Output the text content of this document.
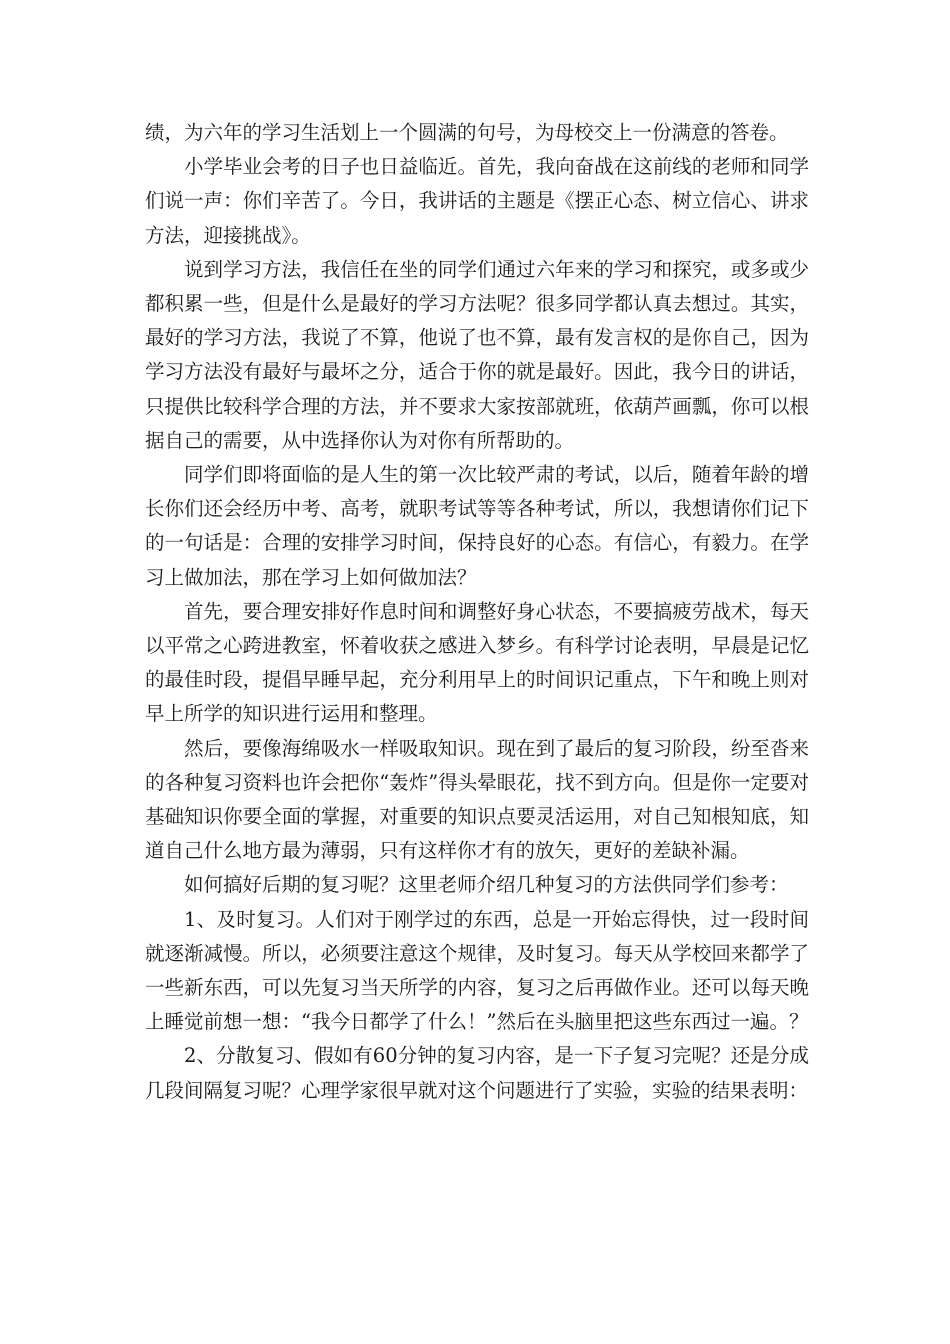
绩，为六年的学习生活划上一个圆满的句号，为母校交上一份满意的答卷。

小学毕业会考的日子也日益临近。首先，我向奋战在这前线的老师和同学们说一声：你们辛苦了。今日，我讲话的主题是《摆正心态、树立信心、讲求方法，迎接挑战》。

说到学习方法，我信任在坐的同学们通过六年来的学习和探究，或多或少都积累一些，但是什么是最好的学习方法呢？很多同学都认真去想过。其实，最好的学习方法，我说了不算，他说了也不算，最有发言权的是你自己，因为学习方法没有最好与最坏之分，适合于你的就是最好。因此，我今日的讲话，只提供比较科学合理的方法，并不要求大家按部就班，依葫芦画瓢，你可以根据自己的需要，从中选择你认为对你有所帮助的。

同学们即将面临的是人生的第一次比较严肃的考试，以后，随着年龄的增长你们还会经历中考、高考，就职考试等等各种考试，所以，我想请你们记下的一句话是：合理的安排学习时间，保持良好的心态。有信心，有毅力。在学习上做加法，那在学习上如何做加法？

首先，要合理安排好作息时间和调整好身心状态，不要搞疲劳战术，每天以平常之心跨进教室，怀着收获之感进入梦乡。有科学讨论表明，早晨是记忆的最佳时段，提倡早睡早起，充分利用早上的时间识记重点，下午和晚上则对早上所学的知识进行运用和整理。

然后，要像海绵吸水一样吸取知识。现在到了最后的复习阶段，纷至沓来的各种复习资料也许会把你“轰炸”得头晕眼花，找不到方向。但是你一定要对基础知识你要全面的掌握，对重要的知识点要灵活运用，对自己知根知底，知道自己什么地方最为薄弱，只有这样你才有的放矢，更好的差缺补漏。

如何搞好后期的复习呢？这里老师介绍几种复习的方法供同学们参考：

1、及时复习。人们对于刚学过的东西，总是一开始忘得快，过一段时间就逐渐减慢。所以，必须要注意这个规律，及时复习。每天从学校回来都学了一些新东西，可以先复习当天所学的内容，复习之后再做作业。还可以每天晚上睡觉前想一想：“我今日都学了什么！”然后在头脑里把这些东西过一遍。？

2、分散复习、假如有60分钟的复习内容，是一下子复习完呢？还是分成几段间隔复习呢？心理学家很早就对这个问题进行了实验，实验的结果表明：
